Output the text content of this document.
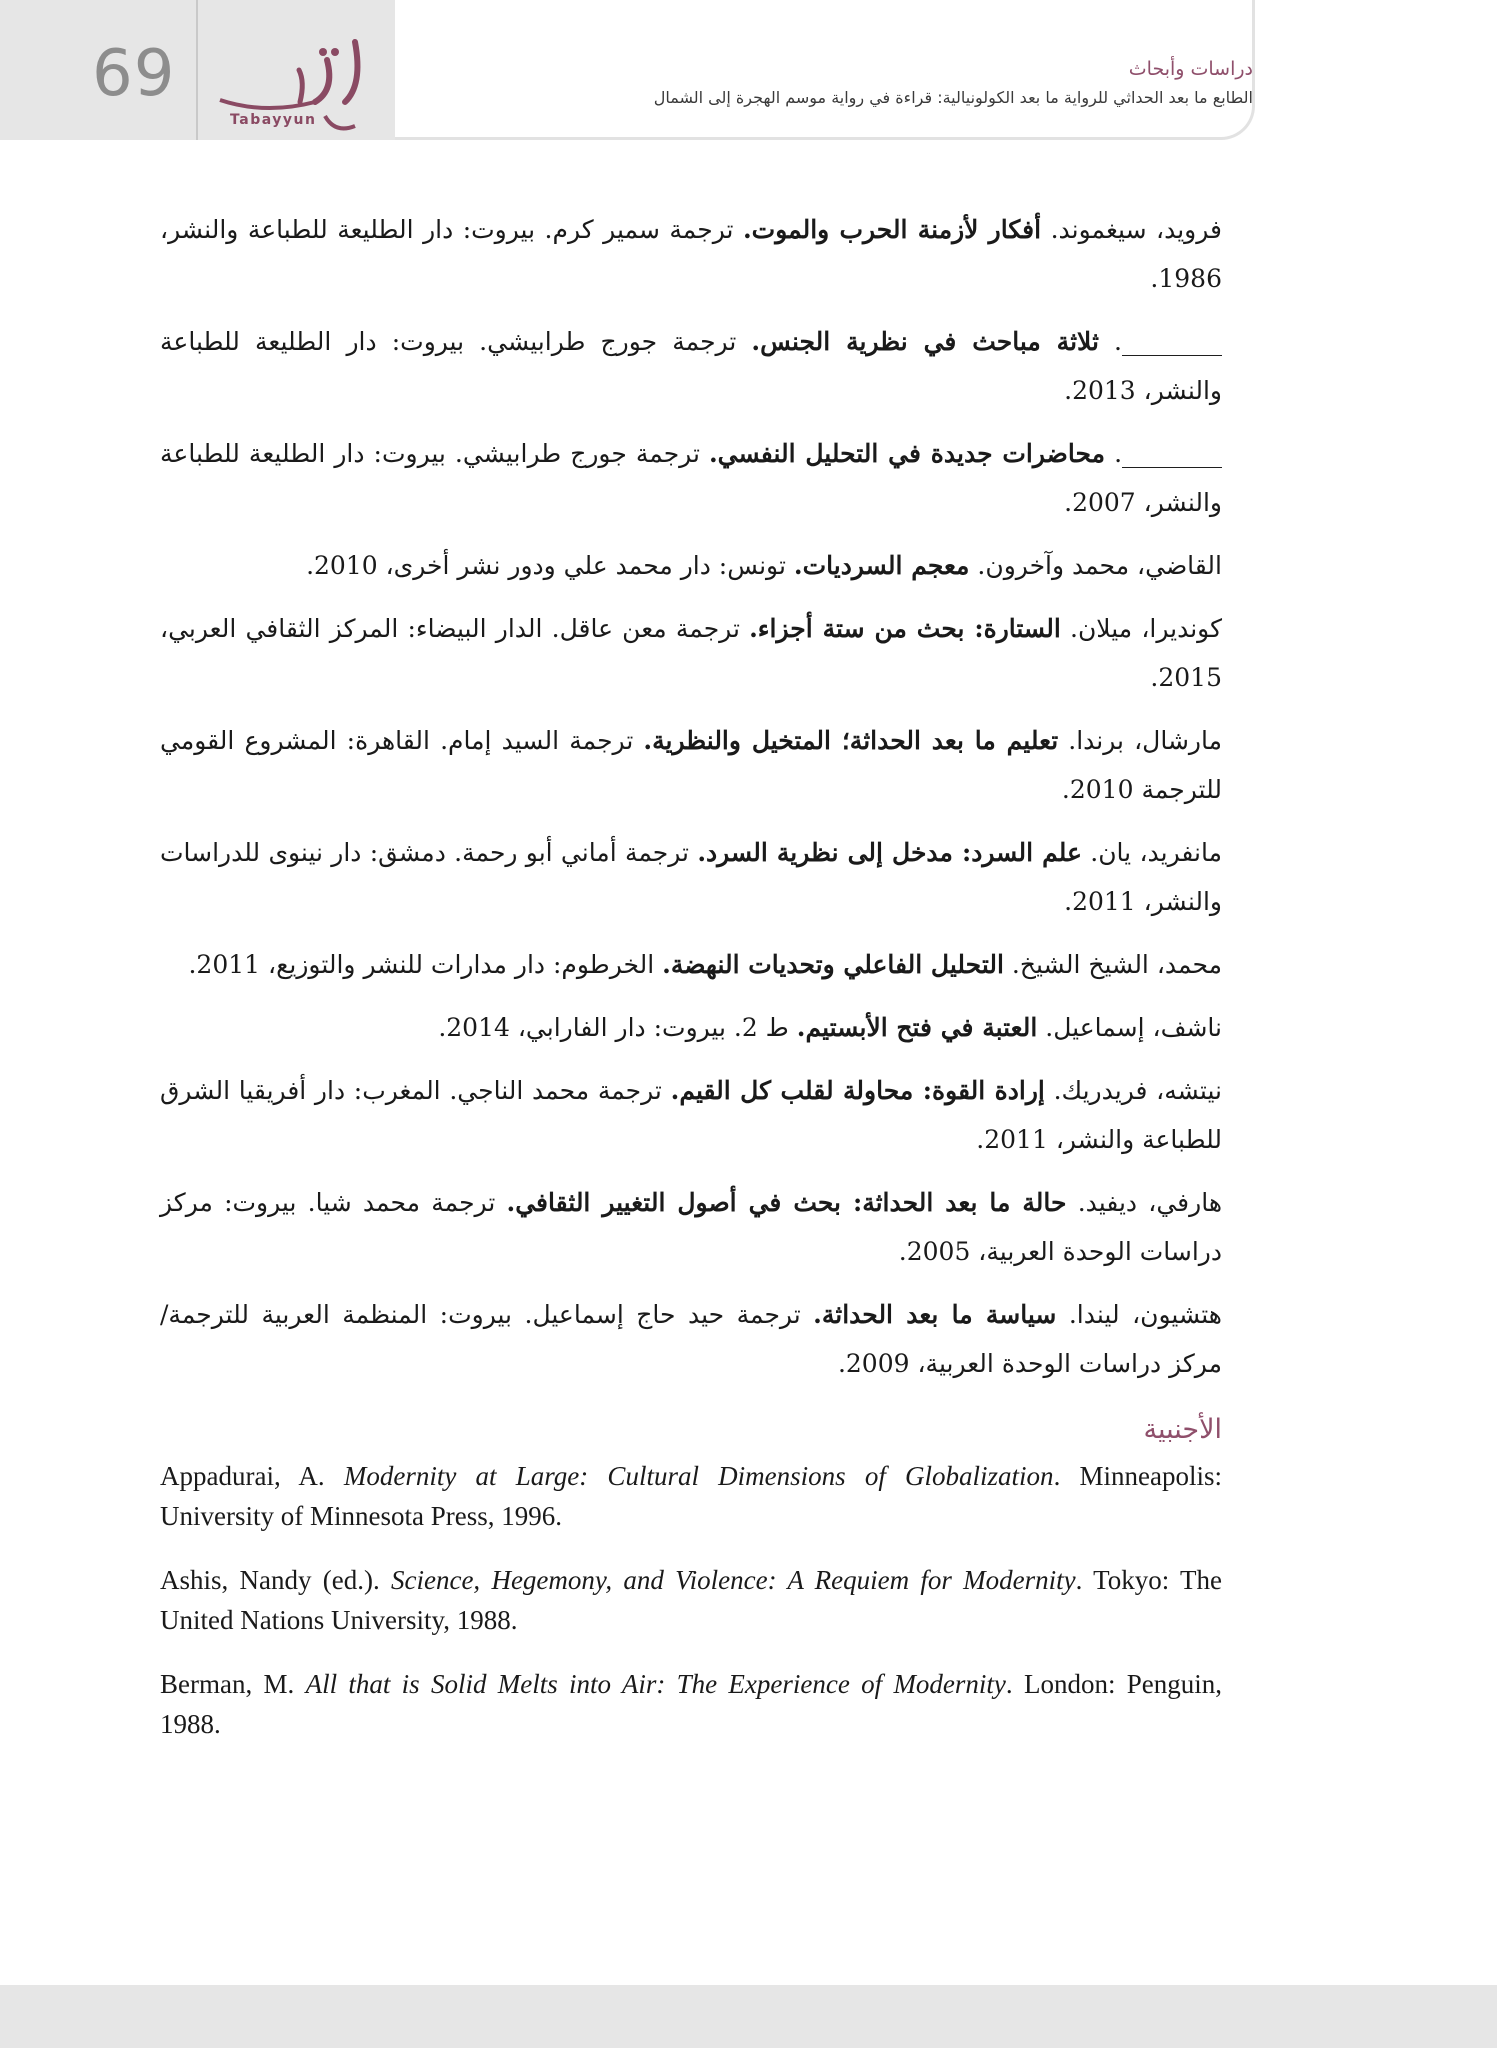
69
Tabayyun
دراسات وأبحاث
الطابع ما بعد الحداثي للرواية ما بعد الكولونيالية: قراءة في رواية موسم الهجرة إلى الشمال

فرويد، سيغموند. أفكار لأزمنة الحرب والموت. ترجمة سمير كرم. بيروت: دار الطليعة للطباعة والنشر، 1986.

________. ثلاثة مباحث في نظرية الجنس. ترجمة جورج طرابيشي. بيروت: دار الطليعة للطباعة والنشر، 2013.

________. محاضرات جديدة في التحليل النفسي. ترجمة جورج طرابيشي. بيروت: دار الطليعة للطباعة والنشر، 2007.

القاضي، محمد وآخرون. معجم السرديات. تونس: دار محمد علي ودور نشر أخرى، 2010.

كونديرا، ميلان. الستارة: بحث من ستة أجزاء. ترجمة معن عاقل. الدار البيضاء: المركز الثقافي العربي، 2015.

مارشال، برندا. تعليم ما بعد الحداثة؛ المتخيل والنظرية. ترجمة السيد إمام. القاهرة: المشروع القومي للترجمة 2010.

مانفريد، يان. علم السرد: مدخل إلى نظرية السرد. ترجمة أماني أبو رحمة. دمشق: دار نينوى للدراسات والنشر، 2011.

محمد، الشيخ الشيخ. التحليل الفاعلي وتحديات النهضة. الخرطوم: دار مدارات للنشر والتوزيع، 2011.

ناشف، إسماعيل. العتبة في فتح الأبستيم. ط 2. بيروت: دار الفارابي، 2014.

نيتشه، فريدريك. إرادة القوة: محاولة لقلب كل القيم. ترجمة محمد الناجي. المغرب: دار أفريقيا الشرق للطباعة والنشر، 2011.

هارفي، ديفيد. حالة ما بعد الحداثة: بحث في أصول التغيير الثقافي. ترجمة محمد شيا. بيروت: مركز دراسات الوحدة العربية، 2005.

هتشيون، ليندا. سياسة ما بعد الحداثة. ترجمة حيد حاج إسماعيل. بيروت: المنظمة العربية للترجمة/ مركز دراسات الوحدة العربية، 2009.

الأجنبية

Appadurai, A. Modernity at Large: Cultural Dimensions of Globalization. Minneapolis: University of Minnesota Press, 1996.

Ashis, Nandy (ed.). Science, Hegemony, and Violence: A Requiem for Modernity. Tokyo: The United Nations University, 1988.

Berman, M. All that is Solid Melts into Air: The Experience of Modernity. London: Penguin, 1988.
